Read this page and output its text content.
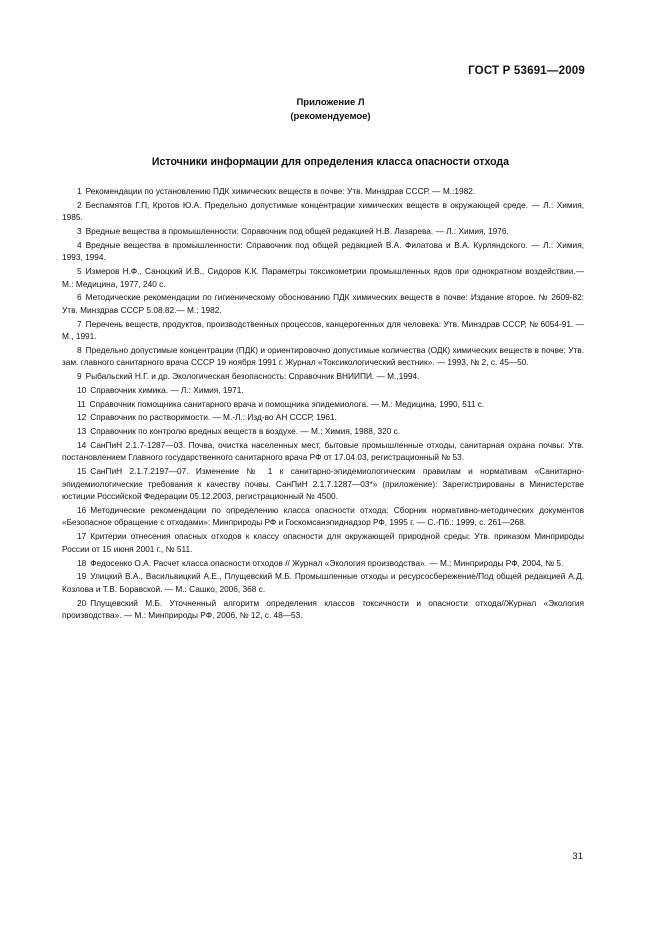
ГОСТ Р 53691—2009
Приложение Л
(рекомендуемое)
Источники информации для определения класса опасности отхода
1 Рекомендации по установлению ПДК химических веществ в почве: Утв. Минздрав СССР. — М.:1982.
2 Беспамятов Г.П, Кротов Ю.А. Предельно допустимые концентрации химических веществ в окружающей среде. — Л.: Химия, 1985.
3 Вредные вещества в промышленности: Справочник под общей редакцией Н.В. Лазарева. — Л.: Химия, 1976.
4 Вредные вещества в промышленности: Справочник под общей редакцией В.А. Филатова и В.А. Курляндского. — Л.: Химия, 1993, 1994.
5 Измеров Н.Ф., Саноцкий И.В., Сидоров К.К. Параметры токсикометрии промышленных ядов при однократном воздействии.— М.: Медицина, 1977, 240 с.
6 Методические рекомендации по гигиеническому обоснованию ПДК химических веществ в почве: Издание второе. № 2609-82: Утв. Минздрав СССР 5.08.82.— М.: 1982.
7 Перечень веществ, продуктов, производственных процессов, канцерогенных для человека: Утв. Минздрав СССР, № 6054-91. — М., 1991.
8 Предельно допустимые концентрации (ПДК) и ориентировочно допустимые количества (ОДК) химических веществ в почве: Утв. зам. главного санитарного врача СССР 19 ноября 1991 г. Журнал «Токсикологический вестник». — 1993, № 2, с. 45—50.
9 Рыбальский Н.Г. и др. Экологическая безопасность: Справочник ВНИИПИ. — М.,1994.
10 Справочник химика. — Л.: Химия, 1971.
11 Справочник помощника санитарного врача и помощника эпидемиолога. — М.: Медицина, 1990, 511 с.
12 Справочник по растворимости. — М.-Л.: Изд-во АН СССР, 1961.
13 Справочник по контролю вредных веществ в воздухе. — М.: Химия, 1988, 320 с.
14 СанПиН 2.1.7-1287—03. Почва, очистка населенных мест, бытовые промышленные отходы, санитарная охрана почвы: Утв. постановлением Главного государственного санитарного врача РФ от 17.04.03, регистрационный № 53.
15 СанПиН 2.1.7.2197—07. Изменение № 1 к санитарно-эпидемиологическим правилам и нормативам «Санитарно-эпидемиологические требования к качеству почвы. СанПиН 2.1.7.1287—03*» (приложение): Зарегистрированы в Министерстве юстиции Российской Федерации 05.12.2003, регистрационный № 4500.
16 Методические рекомендации по определению класса опасности отхода: Сборник нормативно-методических документов «Безопасное обращение с отходами»: Минприроды РФ и Госкомсанэпиднадзор РФ, 1995 г. — С.-Пб.: 1999, с. 261—268.
17 Критерии отнесения опасных отходов к классу опасности для окружающей природной среды: Утв. приказом Минприроды России от 15 июня 2001 г., № 511.
18 Федосенко О.А. Расчет класса опасности отходов // Журнал «Экология производства». — М.: Минприроды РФ, 2004, № 5.
19 Улицкий В.А., Васильвицкий А.Е., Плущевский М.Б. Промышленные отходы и ресурсосбережение/Под общей редакцией А.Д. Козлова и Т.В. Боравской. — М.: Сашко, 2006, 368 с.
20 Плущевский М.Б. Уточненный алгоритм определения классов токсичности и опасности отхода//Журнал «Экология производства». — М.: Минприроды РФ, 2006, № 12, с. 48—53.
31
